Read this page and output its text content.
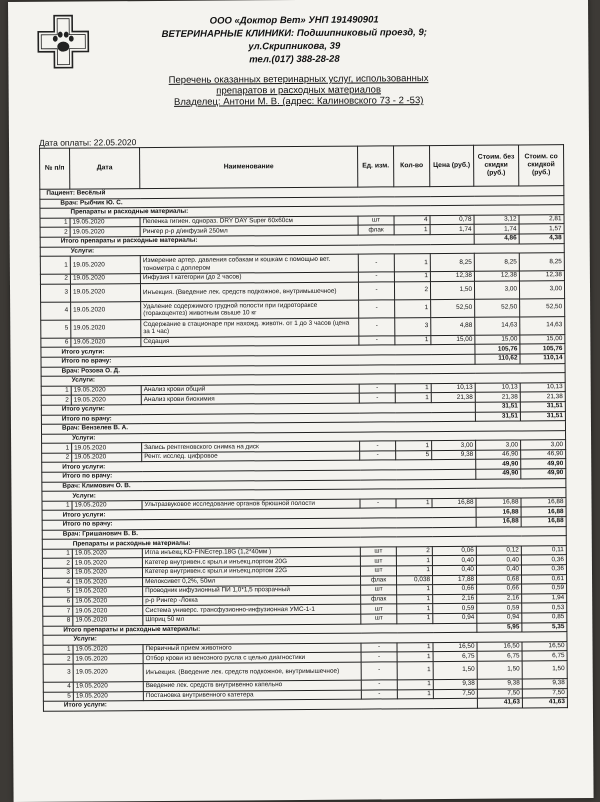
ООО «Доктор Вет» УНП 191490901
ВЕТЕРИНАРНЫЕ КЛИНИКИ: Подшипниковый проезд, 9;
ул.Скрипникова, 39
тел.(017) 388-28-28
Перечень оказанных ветеринарных услуг, использованных
препаратов и расходных материалов
Владелец: Антони М. В. (адрес: Калиновского 73 - 2 -53)
Дата оплаты: 22.05.2020
№ п/п	Дата	Наименование	Ед. изм.	Кол-во	Цена (руб.)	Стоим. без скидки (руб.)	Стоим. со скидкой (руб.)
Пациент: Весёлый							
Врач: Рыбчик Ю. С.							
Препараты и расходные материалы:							
1	19.05.2020	Пеленка гигиен. однораз. DRY DAY Super 60х60см	шт	4	0,78	3,12	2,81
2	19.05.2020	Рингер р-р д/инфузий 250мл	флак	1	1,74	1,74	1,57
Итого препараты и расходные материалы:						4,86	4,38
Услуги:							
1	19.05.2020	Измерение артер. давления собакам и кошкам с помощью вет. тонометра с доплером	-	1	8,25	8,25	8,25
2	19.05.2020	Инфузия I категории (до 2 часов)	-	1	12,38	12,38	12,38
3	19.05.2020	Инъекция. (Введение лек. средств подкожное, внутримышечное)	-	2	1,50	3,00	3,00
4	19.05.2020	Удаление содержимого грудной полости при гидротораксе (торакоцентез) животным свыше 10 кг	-	1	52,50	52,50	52,50
5	19.05.2020	Содержание в стационаре при нахожд. животн. от 1 до 3 часов (цена за 1 час)	-	3	4,88	14,63	14,63
6	19.05.2020	Седация	-	1	15,00	15,00	15,00
Итого услуги:						105,76	105,76
Итого по врачу:						110,62	110,14
Врач: Розова О. Д.							
Услуги:							
1	19.05.2020	Анализ крови общий	-	1	10,13	10,13	10,13
2	19.05.2020	Анализ крови биохимия	-	1	21,38	21,38	21,38
Итого услуги:						31,51	31,51
Итого по врачу:						31,51	31,51
Врач: Вензелев В. А.							
Услуги:							
1	19.05.2020	Запись рентгеновского снимка на диск	-	1	3,00	3,00	3,00
2	19.05.2020	Рентг. исслед. цифровое	-	5	9,38	46,90	46,90
Итого услуги:						49,90	49,90
Итого по врачу:						49,90	49,90
Врач: Климович О. В.							
Услуги:							
1	19.05.2020	Ультразвуковое исследование органов брюшной полости	-	1	16,88	16,88	16,88
Итого услуги:						16,88	16,88
Итого по врачу:						16,88	16,88
Врач: Гришанович В. В.							
Препараты и расходные материалы:							
1	19.05.2020	Игла инъекц.KD-FINEстер.18G (1,2*40мм )	шт	2	0,06	0,12	0,11
2	19.05.2020	Катетер внутривен.с крыл.и инъекц.портом 20G	шт	1	0,40	0,40	0,36
3	19.05.2020	Катетер внутривен.с крыл.и инъекц.портом 22G	шт	1	0,40	0,40	0,36
4	19.05.2020	Мелоксивет 0,2%, 50мл	флак	0,038	17,88	0,68	0,61
5	19.05.2020	Проводник инфузионный ПИ 1,0*1,5 прозрачный	шт	1	0,66	0,66	0,59
6	19.05.2020	р-р Рингер -Локка	флак	1	2,16	2,16	1,94
7	19.05.2020	Система универс. трансфузионно-инфузионная УМС-1-1	шт	1	0,59	0,59	0,53
8	19.05.2020	Шприц 50 мл	шт	1	0,94	0,94	0,85
Итого препараты и расходные материалы:						5,95	5,35
Услуги:							
1	19.05.2020	Первичный прием животного	-	1	16,50	16,50	16,50
2	19.05.2020	Отбор крови из венозного русла с целью диагностики	-	1	6,75	6,75	6,75
3	19.05.2020	Инъекция. (Введение лек. средств подкожное, внутримышечное)	-	1	1,50	1,50	1,50
4	19.05.2020	Введение лек. средств внутривенно капельно	-	1	9,38	9,38	9,38
5	19.05.2020	Постановка внутривенного катетера	-	1	7,50	7,50	7,50
Итого услуги:						41,63	41,63
